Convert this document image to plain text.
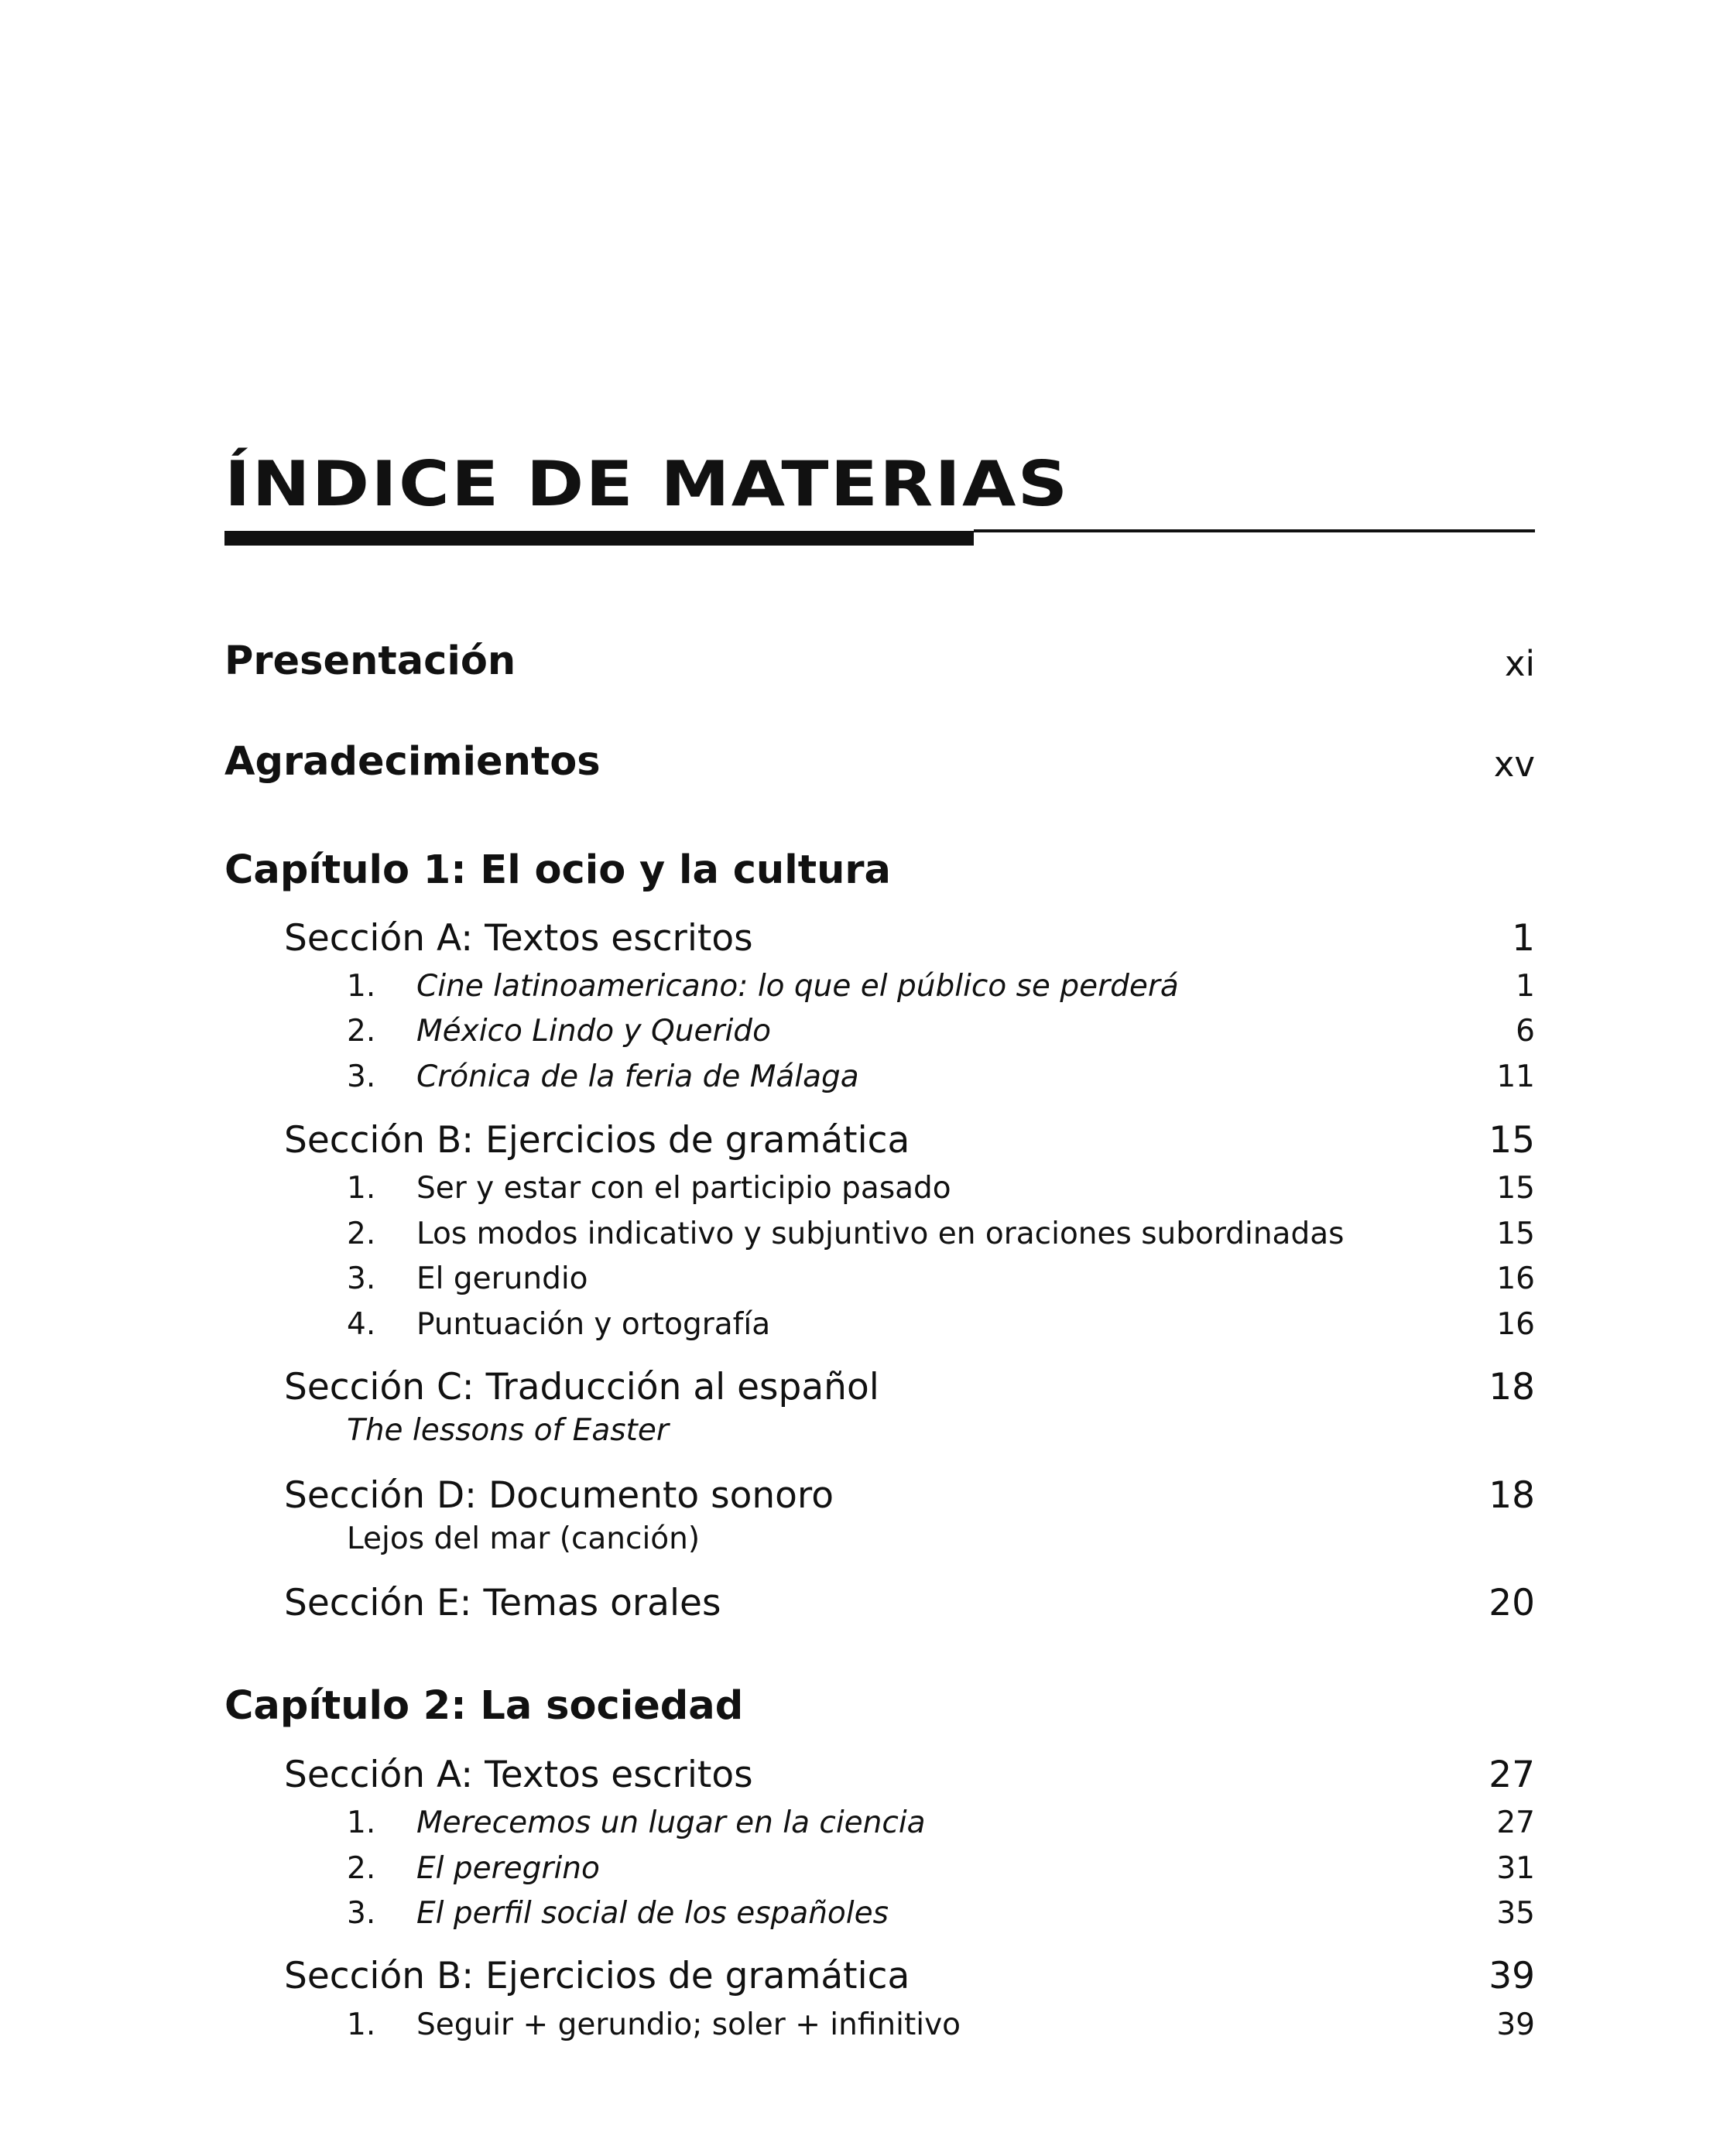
ÍNDICE DE MATERIAS
Presentación	xi
Agradecimientos	xv
Capítulo 1: El ocio y la cultura
Sección A: Textos escritos	1
1. Cine latinoamericano: lo que el público se perderá	1
2. México Lindo y Querido	6
3. Crónica de la feria de Málaga	11
Sección B: Ejercicios de gramática	15
1. Ser y estar con el participio pasado	15
2. Los modos indicativo y subjuntivo en oraciones subordinadas	15
3. El gerundio	16
4. Puntuación y ortografía	16
Sección C: Traducción al español	18
The lessons of Easter
Sección D: Documento sonoro	18
Lejos del mar (canción)
Sección E: Temas orales	20
Capítulo 2: La sociedad
Sección A: Textos escritos	27
1. Merecemos un lugar en la ciencia	27
2. El peregrino	31
3. El perfil social de los españoles	35
Sección B: Ejercicios de gramática	39
1. Seguir + gerundio; soler + infinitivo	39
